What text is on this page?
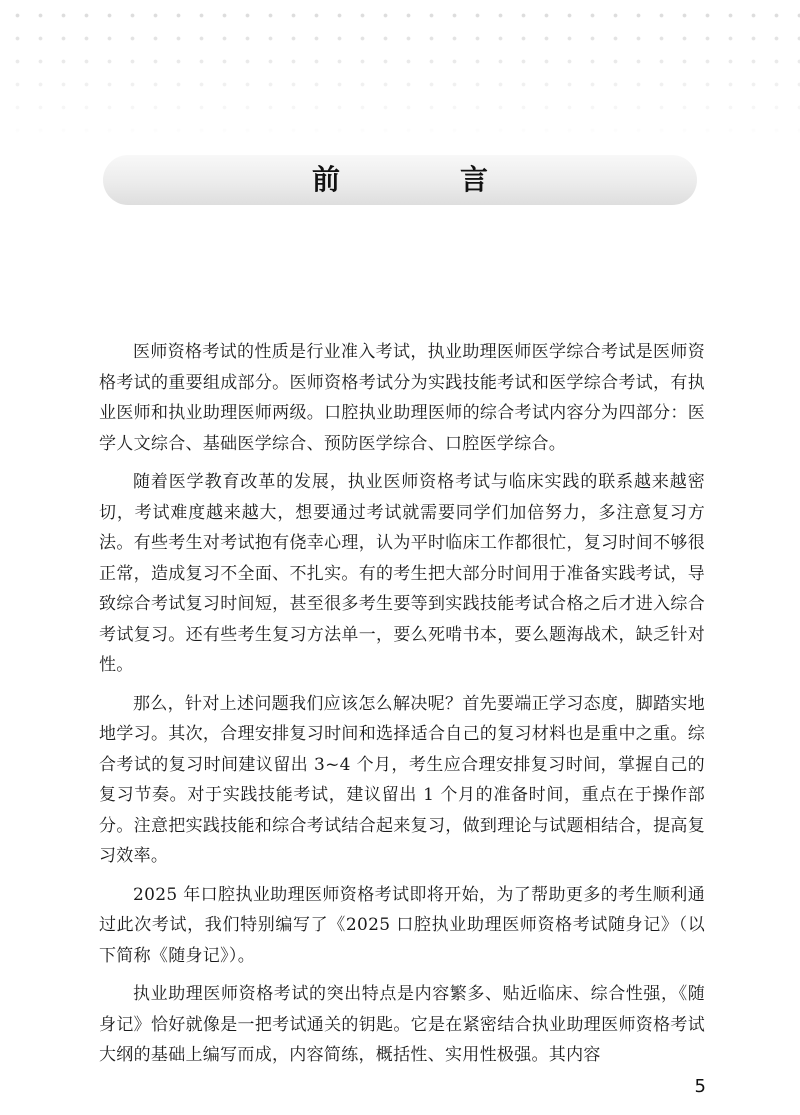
前　言

医师资格考试的性质是行业准入考试，执业助理医师医学综合考试是医师资格考试的重要组成部分。医师资格考试分为实践技能考试和医学综合考试，有执业医师和执业助理医师两级。口腔执业助理医师的综合考试内容分为四部分：医学人文综合、基础医学综合、预防医学综合、口腔医学综合。

随着医学教育改革的发展，执业医师资格考试与临床实践的联系越来越密切，考试难度越来越大，想要通过考试就需要同学们加倍努力，多注意复习方法。有些考生对考试抱有侥幸心理，认为平时临床工作都很忙，复习时间不够很正常，造成复习不全面、不扎实。有的考生把大部分时间用于准备实践考试，导致综合考试复习时间短，甚至很多考生要等到实践技能考试合格之后才进入综合考试复习。还有些考生复习方法单一，要么死啃书本，要么题海战术，缺乏针对性。

那么，针对上述问题我们应该怎么解决呢？首先要端正学习态度，脚踏实地地学习。其次，合理安排复习时间和选择适合自己的复习材料也是重中之重。综合考试的复习时间建议留出 3~4 个月，考生应合理安排复习时间，掌握自己的复习节奏。对于实践技能考试，建议留出 1 个月的准备时间，重点在于操作部分。注意把实践技能和综合考试结合起来复习，做到理论与试题相结合，提高复习效率。

2025 年口腔执业助理医师资格考试即将开始，为了帮助更多的考生顺利通过此次考试，我们特别编写了《2025 口腔执业助理医师资格考试随身记》（以下简称《随身记》）。

执业助理医师资格考试的突出特点是内容繁多、贴近临床、综合性强，《随身记》恰好就像是一把考试通关的钥匙。它是在紧密结合执业助理医师资格考试大纲的基础上编写而成，内容简练，概括性、实用性极强。其内容

5
